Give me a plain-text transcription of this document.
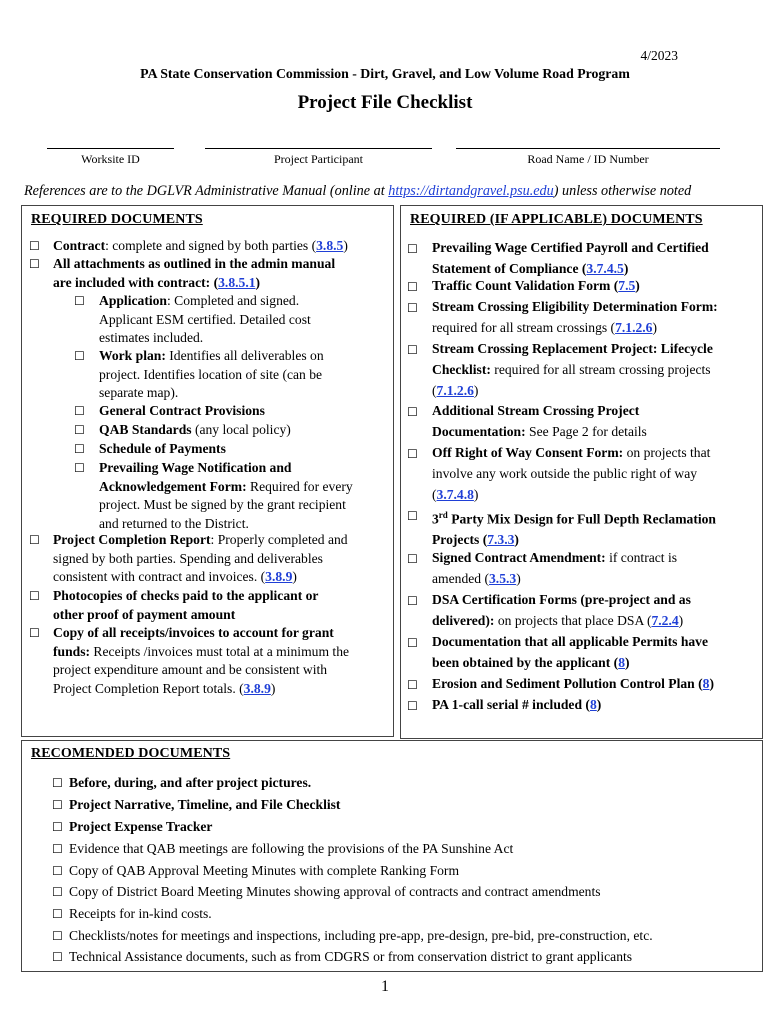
4/2023
PA State Conservation Commission - Dirt, Gravel, and Low Volume Road Program
Project File Checklist
Worksite ID	Project Participant	Road Name / ID Number
References are to the DGLVR Administrative Manual (online at https://dirtandgravel.psu.edu) unless otherwise noted
REQUIRED DOCUMENTS
☐ Contract: complete and signed by both parties (3.8.5)
☐ All attachments as outlined in the admin manual
are included with contract: (3.8.5.1)
☐ Application: Completed and signed.
Applicant ESM certified. Detailed cost
estimates included.
☐ Work plan: Identifies all deliverables on
project. Identifies location of site (can be
separate map).
☐ General Contract Provisions
☐ QAB Standards (any local policy)
☐ Schedule of Payments
☐ Prevailing Wage Notification and
Acknowledgement Form: Required for every
project. Must be signed by the grant recipient
and returned to the District.
☐ Project Completion Report: Properly completed and
signed by both parties. Spending and deliverables
consistent with contract and invoices. (3.8.9)
☐ Photocopies of checks paid to the applicant or
other proof of payment amount
☐ Copy of all receipts/invoices to account for grant
funds: Receipts /invoices must total at a minimum the
project expenditure amount and be consistent with
Project Completion Report totals. (3.8.9)
REQUIRED (IF APPLICABLE) DOCUMENTS
☐ Prevailing Wage Certified Payroll and Certified
Statement of Compliance (3.7.4.5)
☐ Traffic Count Validation Form (7.5)
☐ Stream Crossing Eligibility Determination Form:
required for all stream crossings (7.1.2.6)
☐ Stream Crossing Replacement Project: Lifecycle
Checklist: required for all stream crossing projects
(7.1.2.6)
☐ Additional Stream Crossing Project
Documentation: See Page 2 for details
☐ Off Right of Way Consent Form: on projects that
involve any work outside the public right of way
(3.7.4.8)
☐ 3rd Party Mix Design for Full Depth Reclamation
Projects (7.3.3)
☐ Signed Contract Amendment: if contract is
amended (3.5.3)
☐ DSA Certification Forms (pre-project and as
delivered): on projects that place DSA (7.2.4)
☐ Documentation that all applicable Permits have
been obtained by the applicant (8)
☐ Erosion and Sediment Pollution Control Plan (8)
☐ PA 1-call serial # included (8)
RECOMENDED DOCUMENTS
☐ Before, during, and after project pictures.
☐ Project Narrative, Timeline, and File Checklist
☐ Project Expense Tracker
☐ Evidence that QAB meetings are following the provisions of the PA Sunshine Act
☐ Copy of QAB Approval Meeting Minutes with complete Ranking Form
☐ Copy of District Board Meeting Minutes showing approval of contracts and contract amendments
☐ Receipts for in-kind costs.
☐ Checklists/notes for meetings and inspections, including pre-app, pre-design, pre-bid, pre-construction, etc.
☐ Technical Assistance documents, such as from CDGRS or from conservation district to grant applicants
1
